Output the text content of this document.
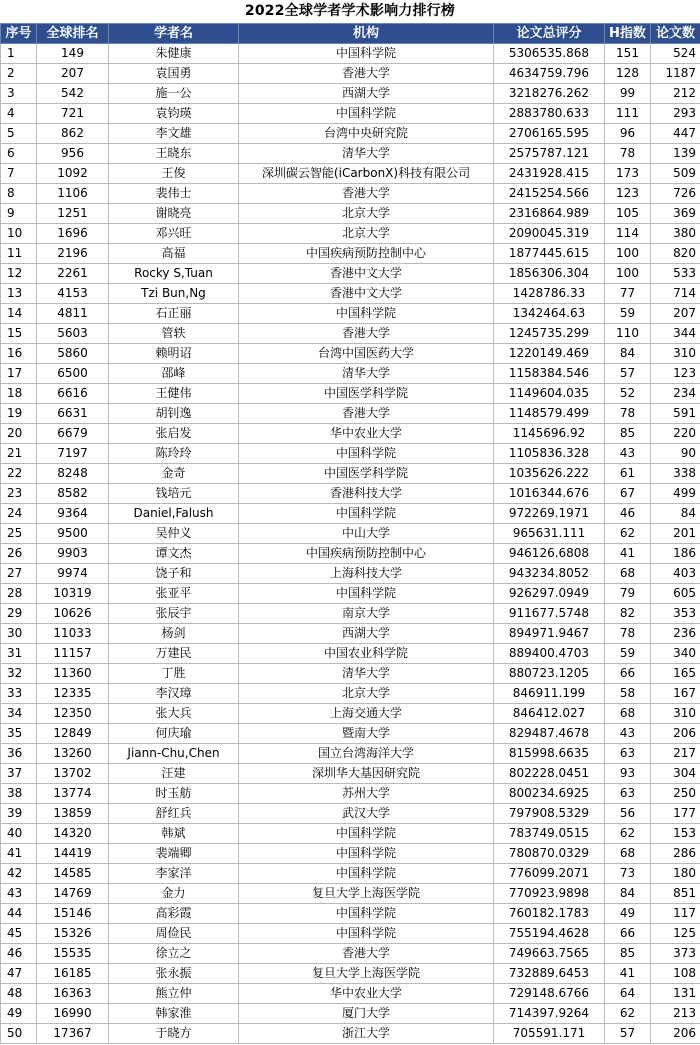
2022全球学者学术影响力排行榜
序号	全球排名	学者名	机构	论文总评分	H指数	论文数
1	149	朱健康	中国科学院	5306535.868	151	524
2	207	袁国勇	香港大学	4634759.796	128	1187
3	542	施一公	西湖大学	3218276.262	99	212
4	721	袁钧瑛	中国科学院	2883780.633	111	293
5	862	李文雄	台湾中央研究院	2706165.595	96	447
6	956	王晓东	清华大学	2575787.121	78	139
7	1092	王俊	深圳碳云智能(iCarbonX)科技有限公司	2431928.415	173	509
8	1106	裴伟士	香港大学	2415254.566	123	726
9	1251	谢晓亮	北京大学	2316864.989	105	369
10	1696	邓兴旺	北京大学	2090045.319	114	380
11	2196	高福	中国疾病预防控制中心	1877445.615	100	820
12	2261	Rocky S,Tuan	香港中文大学	1856306.304	100	533
13	4153	Tzi Bun,Ng	香港中文大学	1428786.33	77	714
14	4811	石正丽	中国科学院	1342464.63	59	207
15	5603	管轶	香港大学	1245735.299	110	344
16	5860	赖明诏	台湾中国医药大学	1220149.469	84	310
17	6500	邵峰	清华大学	1158384.546	57	123
18	6616	王健伟	中国医学科学院	1149604.035	52	234
19	6631	胡钊逸	香港大学	1148579.499	78	591
20	6679	张启发	华中农业大学	1145696.92	85	220
21	7197	陈玲玲	中国科学院	1105836.328	43	90
22	8248	金奇	中国医学科学院	1035626.222	61	338
23	8582	钱培元	香港科技大学	1016344.676	67	499
24	9364	Daniel,Falush	中国科学院	972269.1971	46	84
25	9500	吴仲义	中山大学	965631.111	62	201
26	9903	谭文杰	中国疾病预防控制中心	946126.6808	41	186
27	9974	饶子和	上海科技大学	943234.8052	68	403
28	10319	张亚平	中国科学院	926297.0949	79	605
29	10626	张辰宇	南京大学	911677.5748	82	353
30	11033	杨剑	西湖大学	894971.9467	78	236
31	11157	万建民	中国农业科学院	889400.4703	59	340
32	11360	丁胜	清华大学	880723.1205	66	165
33	12335	李汉璋	北京大学	846911.199	58	167
34	12350	张大兵	上海交通大学	846412.027	68	310
35	12849	何庆瑜	暨南大学	829487.4678	43	206
36	13260	Jiann-Chu,Chen	国立台湾海洋大学	815998.6635	63	217
37	13702	汪建	深圳华大基因研究院	802228.0451	93	304
38	13774	时玉舫	苏州大学	800234.6925	63	250
39	13859	舒红兵	武汉大学	797908.5329	56	177
40	14320	韩斌	中国科学院	783749.0515	62	153
41	14419	裴端卿	中国科学院	780870.0329	68	286
42	14585	李家洋	中国科学院	776099.2071	73	180
43	14769	金力	复旦大学上海医学院	770923.9898	84	851
44	15146	高彩霞	中国科学院	760182.1783	49	117
45	15326	周俭民	中国科学院	755194.4628	66	125
46	15535	徐立之	香港大学	749663.7565	85	373
47	16185	张永振	复旦大学上海医学院	732889.6453	41	108
48	16363	熊立仲	华中农业大学	729148.6766	64	131
49	16990	韩家淮	厦门大学	714397.9264	62	213
50	17367	于晓方	浙江大学	705591.171	57	206
